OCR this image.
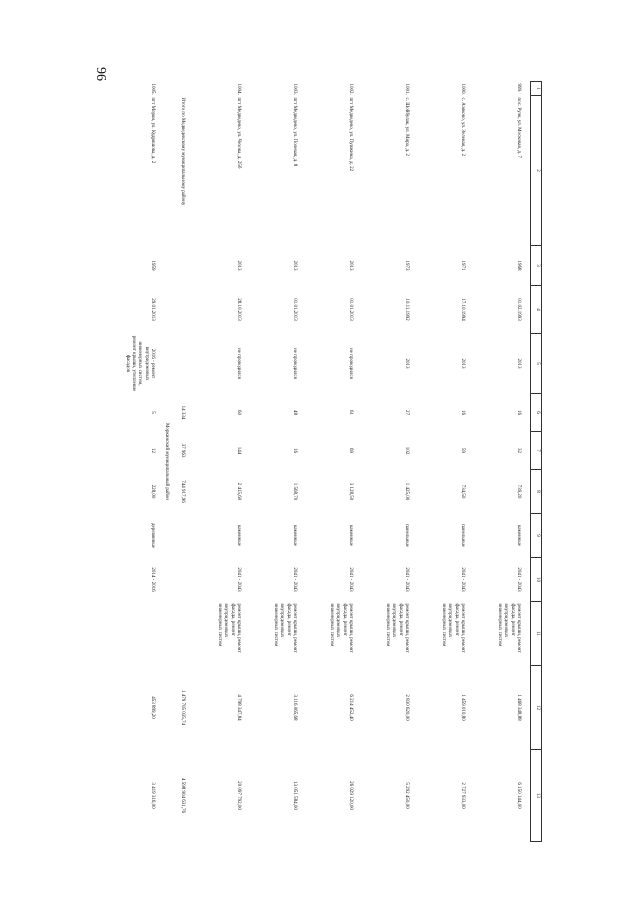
96
1	2	3	4	5	6	7	8	9	10	11	12	13

999.	пос. Руэк, ул. Московая, д. 7	1968	01.02.1993	2013	16	32	739,20	каменные	2041 - 2043	ремонт крыши, ремонт фасада, ремонт внутридомовых инженерных систем	1 468 348,88	6 150 144,00
1000.	с. Азяково, ул. Зеленая, д. 2	1971	17.10.1994	2013	16	59	734,50	панельные	2041 - 2043	ремонт крыши, ремонт фасада, ремонт внутридомовых инженерных систем	1 459 010,80	2 727 933,00
1001.	с. Шойбулак, ул. Мира, д. 2	1973	10.11.1992	2013	27	102	1 425,00	панельные	2041 - 2043	ремонт крыши, ремонт фасада, ремонт внутридомовых инженерных систем	2 830 620,00	5 292 450,00
1002.	пгт Медведево, ул. Пушкина, д. 22	2013	01.01.2013	не проводился	61	69	3 128,50	каменные	2041 - 2043	ремонт крыши, ремонт фасада, ремонт внутридомовых инженерных систем	6 214 452,40	26 029 120,00
1003.	пгт Медведево, ул. Полевая, д. 8	2013	01.01.2013	не проводился	48	16	1 568,70	каменные	2041 - 2043	ремонт крыши, ремонт фасада, ремонт внутридомовых инженерных систем	3 116 065,68	13 051 584,00
1004.	пгт Медведево, ул. Чехова, д. 25б	2013	28.10.2013	не проводился	60	144	2 415,60	каменные	2041 - 2043	ремонт крыши, ремонт фасада, ремонт внутридомовых инженерных систем	4 798 347,84	20 097 792,00
	Итого по Медведевскому муниципальному району				14 334	37 963	744 917,96				1 479 705 035,74	4 598 904 631,76
Моркинский муниципальный район												
1005.	пгт Морки, ул. Кудряшова, д. 2	1959	29.01.2013	2016 - ремонт внутридомовых инженерных систем, ремонт крыши, утепление фасадов	5	12	228,00	деревянные	2014 - 2016		453 899,20	3 419 316,00
